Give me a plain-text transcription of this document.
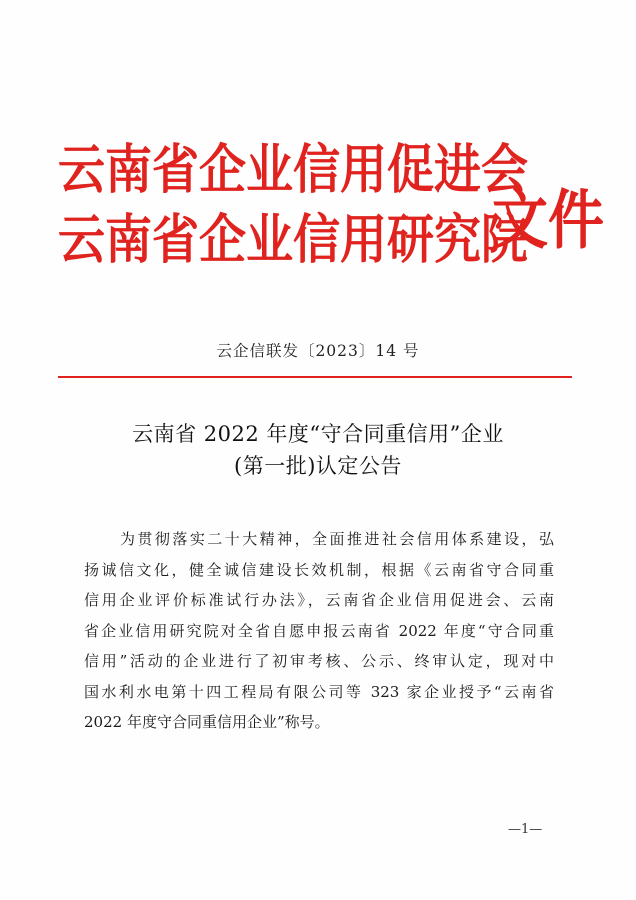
云南省企业信用促进会
云南省企业信用研究院
文件
云企信联发〔2023〕14 号
云南省 2022 年度“守合同重信用”企业
(第一批)认定公告
为贯彻落实二十大精神，全面推进社会信用体系建设，弘
扬诚信文化，健全诚信建设长效机制，根据《云南省守合同重
信用企业评价标准试行办法》，云南省企业信用促进会、云南
省企业信用研究院对全省自愿申报云南省 2022 年度“守合同重
信用”活动的企业进行了初审考核、公示、终审认定，现对中
国水利水电第十四工程局有限公司等 323 家企业授予“云南省
2022 年度守合同重信用企业”称号。
—1—
